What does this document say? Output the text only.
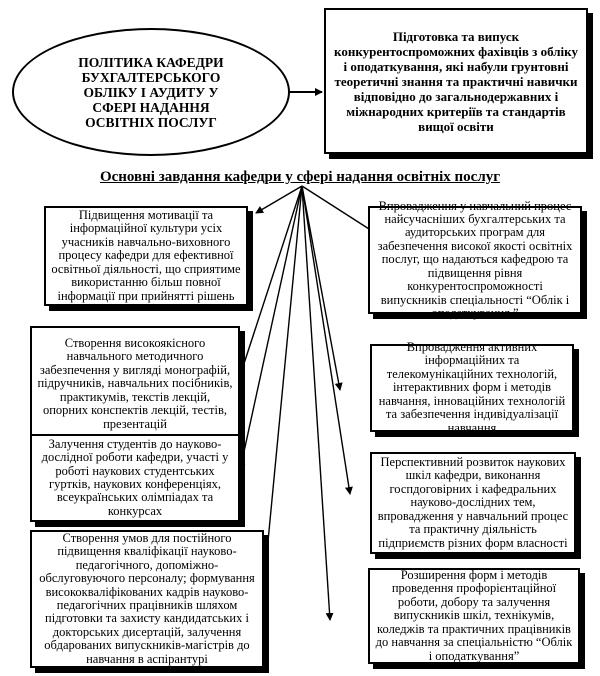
ПОЛІТИКА КАФЕДРИ БУХГАЛТЕРСЬКОГО ОБЛІКУ І АУДИТУ У СФЕРІ НАДАННЯ ОСВІТНІХ ПОСЛУГ
Підготовка та випуск конкурентоспроможних фахівців з обліку і оподаткування, які набули грунтовні теоретичні знання та практичні навички відповідно до загальнодержавних і міжнародних критеріїв та стандартів вищої освіти
Основні завдання кафедри у сфері надання освітніх послуг
Підвищення мотивації та інформаційної культури усіх учасників навчально-виховного процесу кафедри для ефективної освітньої діяльності, що сприятиме використанню більш повної інформації при прийнятті рішень
Створення високоякісного навчального методичного забезпечення у вигляді монографій, підручників, навчальних посібників, практикумів, текстів лекцій, опорних конспектів лекцій, тестів, презентацій
Залучення студентів до науково-дослідної роботи кафедри, участі у роботі наукових студентських гуртків, наукових конференціях, всеукраїнських олімпіадах та конкурсах
Створення умов для постійного підвищення кваліфікації науково-педагогічного, допоміжно-обслуговуючого персоналу; формування висококваліфікованих кадрів науково-педагогічних працівників шляхом підготовки та захисту кандидатських і докторських дисертацій, залучення обдарованих випускників-магістрів до навчання в аспірантурі
Впровадження у навчальний процес найсучасніших бухгалтерських та аудиторських програм для забезпечення високої якості освітніх послуг, що надаються кафедрою та підвищення рівня конкурентоспроможності випускників спеціальності “Облік і оподаткування ”
Впровадження активних інформаційних та телекомунікаційних технологій, інтерактивних форм і методів навчання, інноваційних технологій та забезпечення індивідуалізації навчання
Перспективний розвиток наукових шкіл кафедри, виконання госпдоговірних і кафедральних науково-дослідних тем, впровадження у навчальний процес та практичну діяльність підприємств різних форм власності
Розширення форм і методів проведення профорієнтаційної роботи, добору та залучення випускників шкіл, технікумів, коледжів та практичних працівників до навчання за спеціальністю “Облік і оподаткування”
